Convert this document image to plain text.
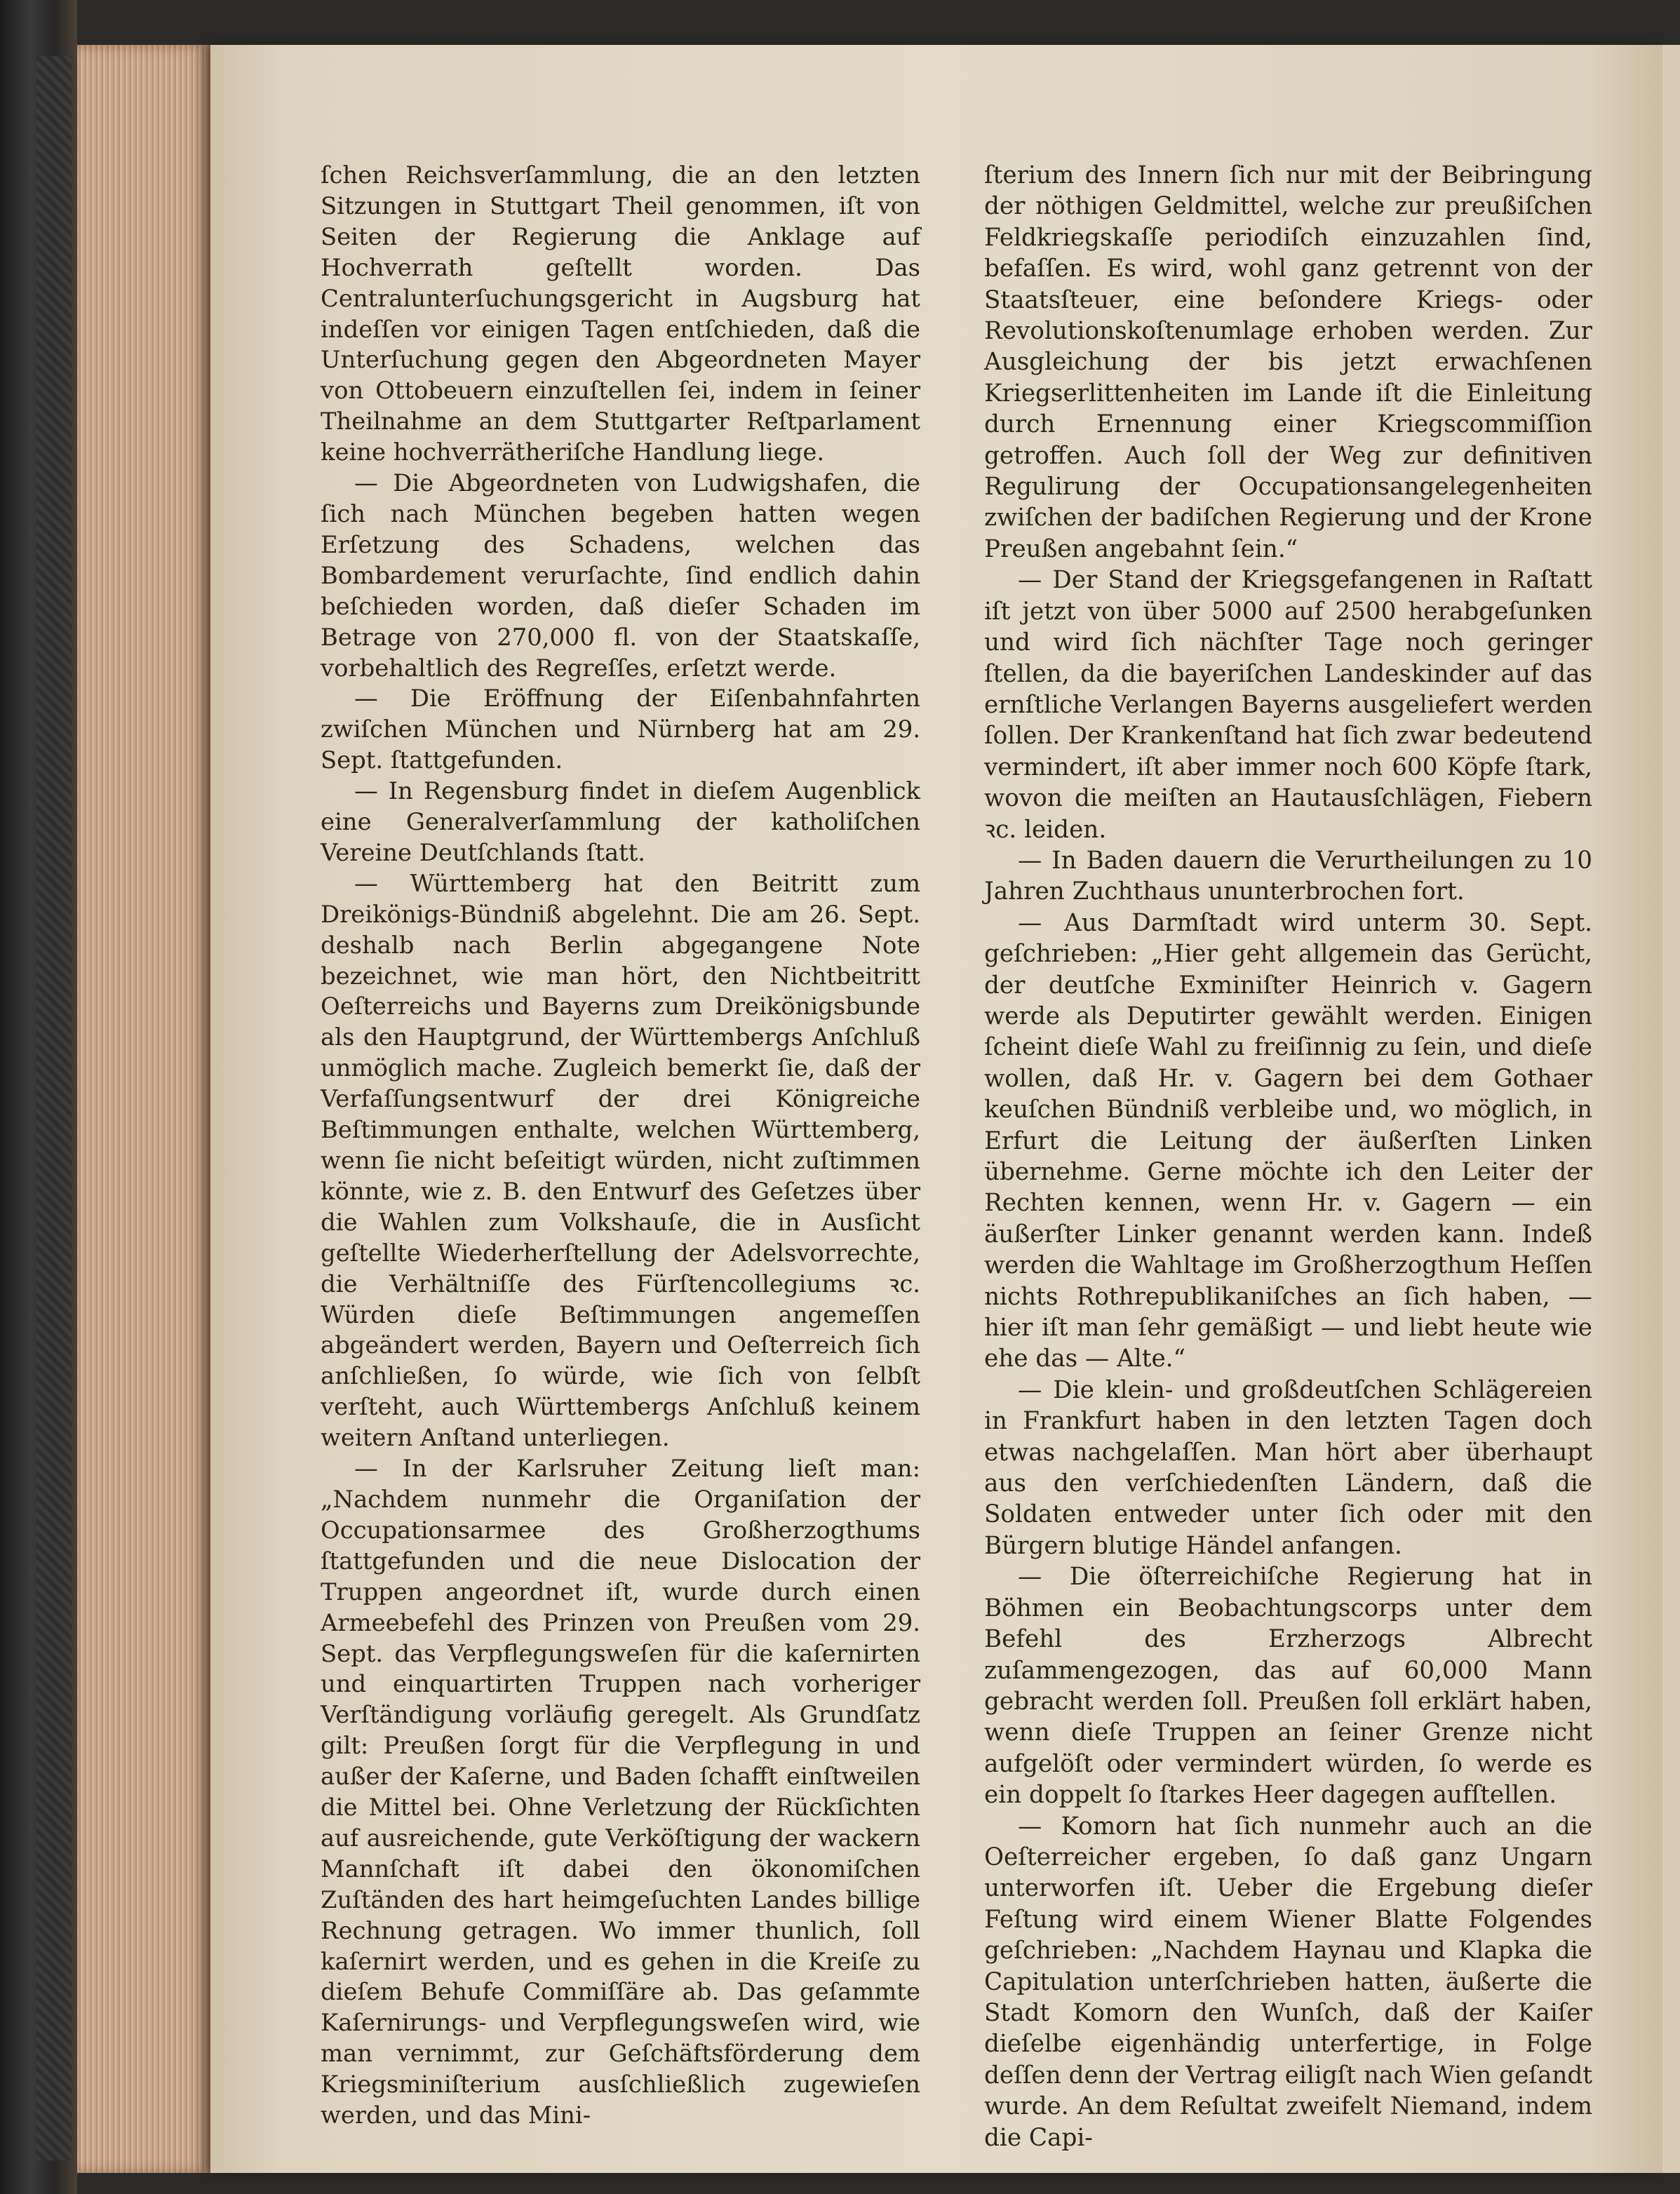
ſchen Reichsverſammlung, die an den letzten Sitzungen in Stuttgart Theil genommen, iſt von Seiten der Regierung die Anklage auf Hochverrath geſtellt worden. Das Centralunterſuchungsgericht in Augsburg hat indeſſen vor einigen Tagen entſchieden, daß die Unterſuchung gegen den Abgeordneten Mayer von Ottobeuern einzuſtellen ſei, indem in ſeiner Theilnahme an dem Stuttgarter Reſtparlament keine hochverrätheriſche Handlung liege.

— Die Abgeordneten von Ludwigshafen, die ſich nach München begeben hatten wegen Erſetzung des Schadens, welchen das Bombardement verurſachte, ſind endlich dahin beſchieden worden, daß dieſer Schaden im Betrage von 270,000 fl. von der Staatskaſſe, vorbehaltlich des Regreſſes, erſetzt werde.

— Die Eröffnung der Eiſenbahnfahrten zwiſchen München und Nürnberg hat am 29. Sept. ſtattgefunden.

— In Regensburg findet in dieſem Augenblick eine Generalverſammlung der katholiſchen Vereine Deutſchlands ſtatt.

— Württemberg hat den Beitritt zum Dreikönigs-Bündniß abgelehnt. Die am 26. Sept. deshalb nach Berlin abgegangene Note bezeichnet, wie man hört, den Nichtbeitritt Oeſterreichs und Bayerns zum Dreikönigsbunde als den Hauptgrund, der Württembergs Anſchluß unmöglich mache. Zugleich bemerkt ſie, daß der Verfaſſungsentwurf der drei Königreiche Beſtimmungen enthalte, welchen Württemberg, wenn ſie nicht beſeitigt würden, nicht zuſtimmen könnte, wie z. B. den Entwurf des Geſetzes über die Wahlen zum Volkshauſe, die in Ausſicht geſtellte Wiederherſtellung der Adelsvorrechte, die Verhältniſſe des Fürſtencollegiums ꝛc. Würden dieſe Beſtimmungen angemeſſen abgeändert werden, Bayern und Oeſterreich ſich anſchließen, ſo würde, wie ſich von ſelbſt verſteht, auch Württembergs Anſchluß keinem weitern Anſtand unterliegen.

— In der Karlsruher Zeitung lieſt man: „Nachdem nunmehr die Organiſation der Occupationsarmee des Großherzogthums ſtattgefunden und die neue Dislocation der Truppen angeordnet iſt, wurde durch einen Armeebefehl des Prinzen von Preußen vom 29. Sept. das Verpflegungsweſen für die kaſernirten und einquartirten Truppen nach vorheriger Verſtändigung vorläufig geregelt. Als Grundſatz gilt: Preußen ſorgt für die Verpflegung in und außer der Kaſerne, und Baden ſchafft einſtweilen die Mittel bei. Ohne Verletzung der Rückſichten auf ausreichende, gute Verköſtigung der wackern Mannſchaft iſt dabei den ökonomiſchen Zuſtänden des hart heimgeſuchten Landes billige Rechnung getragen. Wo immer thunlich, ſoll kaſernirt werden, und es gehen in die Kreiſe zu dieſem Behufe Commiſſäre ab. Das geſammte Kaſernirungs- und Verpflegungsweſen wird, wie man vernimmt, zur Geſchäftsförderung dem Kriegsminiſterium ausſchließlich zugewieſen werden, und das Mini-

ſterium des Innern ſich nur mit der Beibringung der nöthigen Geldmittel, welche zur preußiſchen Feldkriegskaſſe periodiſch einzuzahlen ſind, befaſſen. Es wird, wohl ganz getrennt von der Staatsſteuer, eine beſondere Kriegs- oder Revolutionskoſtenumlage erhoben werden. Zur Ausgleichung der bis jetzt erwachſenen Kriegserlittenheiten im Lande iſt die Einleitung durch Ernennung einer Kriegscommiſſion getroffen. Auch ſoll der Weg zur definitiven Regulirung der Occupationsangelegenheiten zwiſchen der badiſchen Regierung und der Krone Preußen angebahnt ſein.“

— Der Stand der Kriegsgefangenen in Raſtatt iſt jetzt von über 5000 auf 2500 herabgeſunken und wird ſich nächſter Tage noch geringer ſtellen, da die bayeriſchen Landeskinder auf das ernſtliche Verlangen Bayerns ausgeliefert werden ſollen. Der Krankenſtand hat ſich zwar bedeutend vermindert, iſt aber immer noch 600 Köpfe ſtark, wovon die meiſten an Hautausſchlägen, Fiebern ꝛc. leiden.

— In Baden dauern die Verurtheilungen zu 10 Jahren Zuchthaus ununterbrochen fort.

— Aus Darmſtadt wird unterm 30. Sept. geſchrieben: „Hier geht allgemein das Gerücht, der deutſche Exminiſter Heinrich v. Gagern werde als Deputirter gewählt werden. Einigen ſcheint dieſe Wahl zu freiſinnig zu ſein, und dieſe wollen, daß Hr. v. Gagern bei dem Gothaer keuſchen Bündniß verbleibe und, wo möglich, in Erfurt die Leitung der äußerſten Linken übernehme. Gerne möchte ich den Leiter der Rechten kennen, wenn Hr. v. Gagern — ein äußerſter Linker genannt werden kann. Indeß werden die Wahltage im Großherzogthum Heſſen nichts Rothrepublikaniſches an ſich haben, — hier iſt man ſehr gemäßigt — und liebt heute wie ehe das — Alte.“

— Die klein- und großdeutſchen Schlägereien in Frankfurt haben in den letzten Tagen doch etwas nachgelaſſen. Man hört aber überhaupt aus den verſchiedenſten Ländern, daß die Soldaten entweder unter ſich oder mit den Bürgern blutige Händel anfangen.

— Die öſterreichiſche Regierung hat in Böhmen ein Beobachtungscorps unter dem Befehl des Erzherzogs Albrecht zuſammengezogen, das auf 60,000 Mann gebracht werden ſoll. Preußen ſoll erklärt haben, wenn dieſe Truppen an ſeiner Grenze nicht aufgelöſt oder vermindert würden, ſo werde es ein doppelt ſo ſtarkes Heer dagegen aufſtellen.

— Komorn hat ſich nunmehr auch an die Oeſterreicher ergeben, ſo daß ganz Ungarn unterworfen iſt. Ueber die Ergebung dieſer Feſtung wird einem Wiener Blatte Folgendes geſchrieben: „Nachdem Haynau und Klapka die Capitulation unterſchrieben hatten, äußerte die Stadt Komorn den Wunſch, daß der Kaiſer dieſelbe eigenhändig unterfertige, in Folge deſſen denn der Vertrag eiligſt nach Wien geſandt wurde. An dem Reſultat zweifelt Niemand, indem die Capi-
